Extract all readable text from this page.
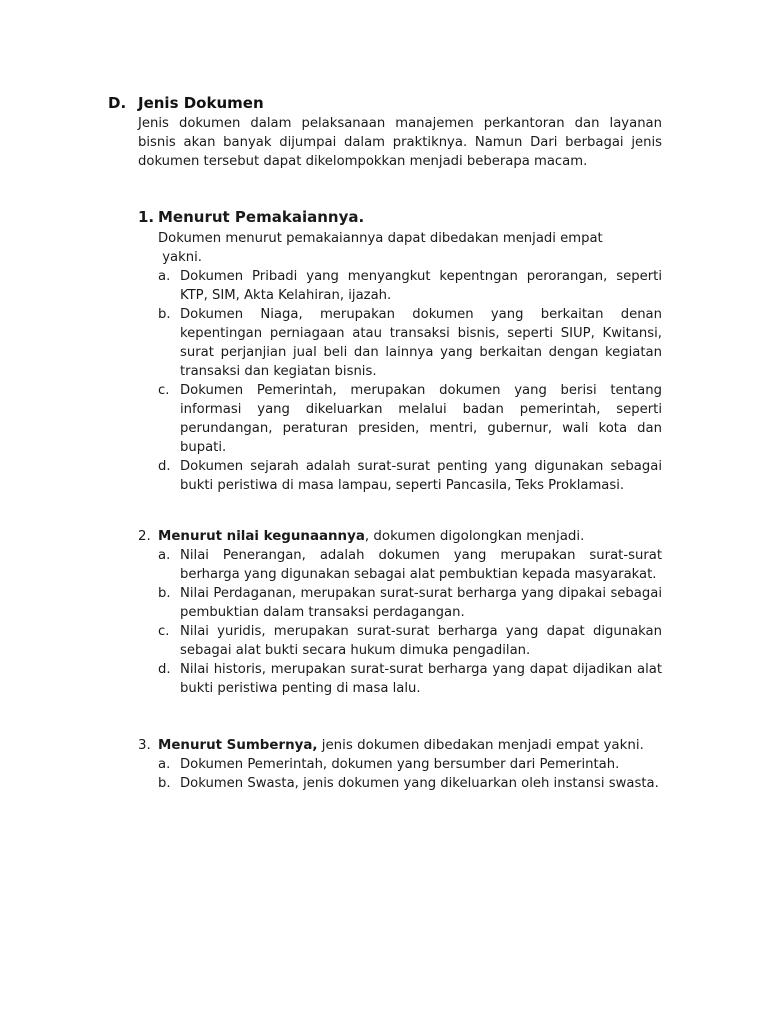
D. Jenis Dokumen

Jenis dokumen dalam pelaksanaan manajemen perkantoran dan layanan bisnis akan banyak dijumpai dalam praktiknya. Namun Dari berbagai jenis dokumen tersebut dapat dikelompokkan menjadi beberapa macam.

1. Menurut Pemakaiannya.

Dokumen menurut pemakaiannya dapat dibedakan menjadi empat
yakni.

a. Dokumen Pribadi yang menyangkut kepentngan perorangan, seperti KTP, SIM, Akta Kelahiran, ijazah.
b. Dokumen Niaga, merupakan dokumen yang berkaitan denan kepentingan perniagaan atau transaksi bisnis, seperti SIUP, Kwitansi, surat perjanjian jual beli dan lainnya yang berkaitan dengan kegiatan transaksi dan kegiatan bisnis.
c. Dokumen Pemerintah, merupakan dokumen yang berisi tentang informasi yang dikeluarkan melalui badan pemerintah, seperti perundangan, peraturan presiden, mentri, gubernur, wali kota dan bupati.
d. Dokumen sejarah adalah surat-surat penting yang digunakan sebagai bukti peristiwa di masa lampau, seperti Pancasila, Teks Proklamasi.

2. Menurut nilai kegunaannya, dokumen digolongkan menjadi.

a. Nilai Penerangan, adalah dokumen yang merupakan surat-surat berharga yang digunakan sebagai alat pembuktian kepada masyarakat.
b. Nilai Perdaganan, merupakan surat-surat berharga yang dipakai sebagai pembuktian dalam transaksi perdagangan.
c. Nilai yuridis, merupakan surat-surat berharga yang dapat digunakan sebagai alat bukti secara hukum dimuka pengadilan.
d. Nilai historis, merupakan surat-surat berharga yang dapat dijadikan alat bukti peristiwa penting di masa lalu.

3. Menurut Sumbernya, jenis dokumen dibedakan menjadi empat yakni.

a. Dokumen Pemerintah, dokumen yang bersumber dari Pemerintah.
b. Dokumen Swasta, jenis dokumen yang dikeluarkan oleh instansi swasta.
